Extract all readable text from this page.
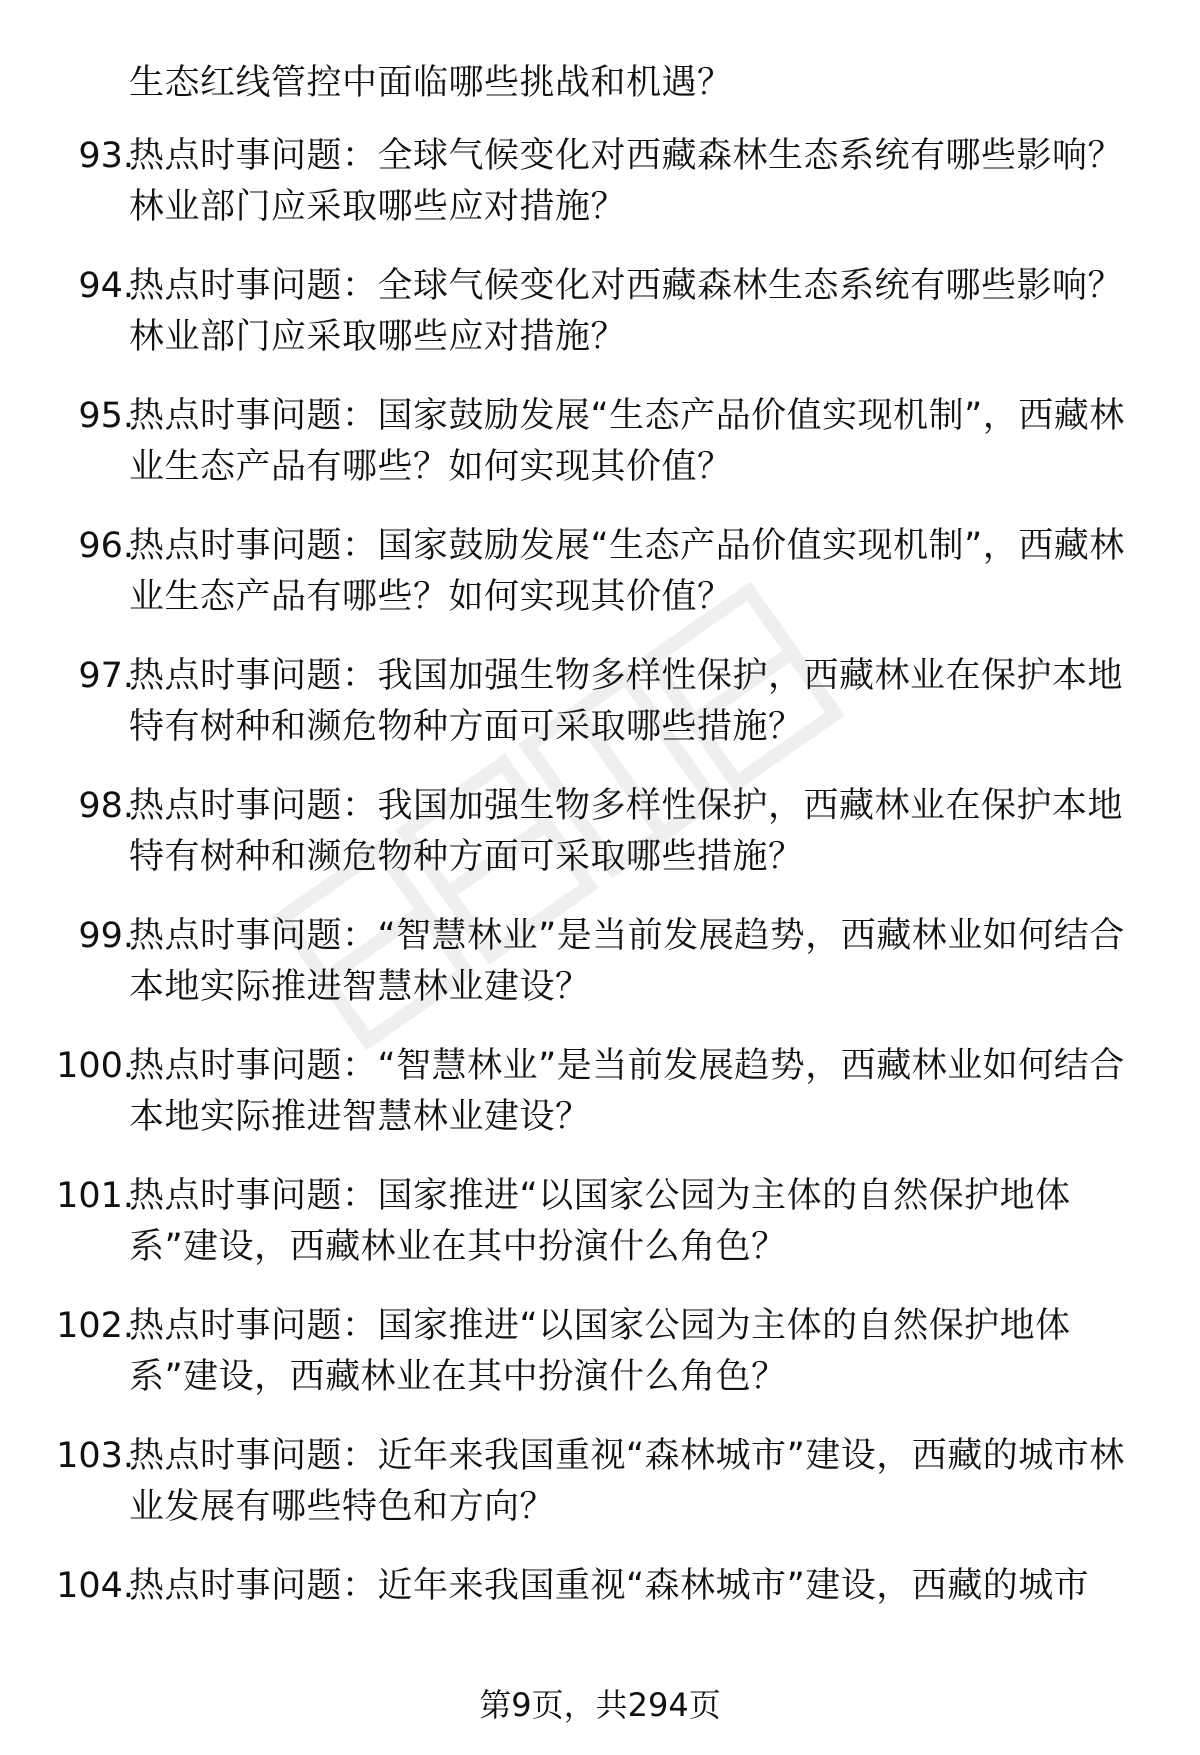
生态红线管控中面临哪些挑战和机遇？
93.
热点时事问题：全球气候变化对西藏森林生态系统有哪些影响？林业部门应采取哪些应对措施？
94.
热点时事问题：全球气候变化对西藏森林生态系统有哪些影响？林业部门应采取哪些应对措施？
95.
热点时事问题：国家鼓励发展“生态产品价值实现机制”，西藏林业生态产品有哪些？如何实现其价值？
96.
热点时事问题：国家鼓励发展“生态产品价值实现机制”，西藏林业生态产品有哪些？如何实现其价值？
97.
热点时事问题：我国加强生物多样性保护，西藏林业在保护本地特有树种和濒危物种方面可采取哪些措施？
98.
热点时事问题：我国加强生物多样性保护，西藏林业在保护本地特有树种和濒危物种方面可采取哪些措施？
99.
热点时事问题：“智慧林业”是当前发展趋势，西藏林业如何结合本地实际推进智慧林业建设？
100.
热点时事问题：“智慧林业”是当前发展趋势，西藏林业如何结合本地实际推进智慧林业建设？
101.
热点时事问题：国家推进“以国家公园为主体的自然保护地体系”建设，西藏林业在其中扮演什么角色？
102.
热点时事问题：国家推进“以国家公园为主体的自然保护地体系”建设，西藏林业在其中扮演什么角色？
103.
热点时事问题：近年来我国重视“森林城市”建设，西藏的城市林业发展有哪些特色和方向？
104.
热点时事问题：近年来我国重视“森林城市”建设，西藏的城市
第9页，共294页
